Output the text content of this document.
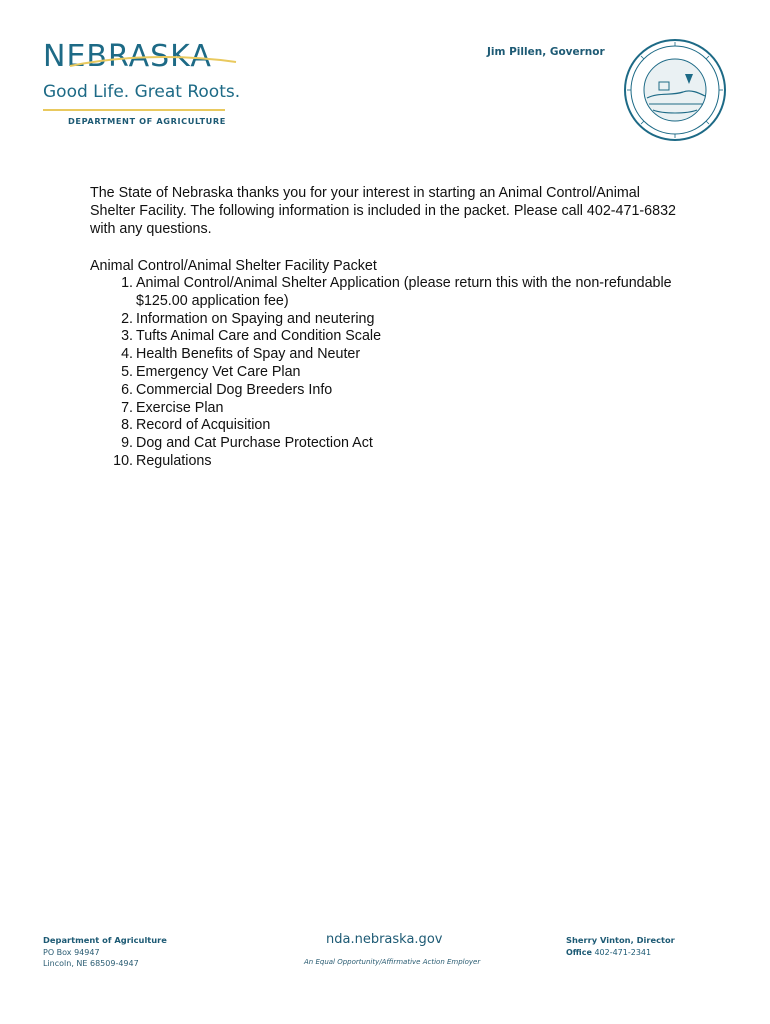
NEBRASKA
Good Life. Great Roots.
DEPARTMENT OF AGRICULTURE
Jim Pillen, Governor
The State of Nebraska thanks you for your interest in starting an Animal Control/Animal Shelter Facility. The following information is included in the packet. Please call 402-471-6832 with any questions.
Animal Control/Animal Shelter Facility Packet
1. Animal Control/Animal Shelter Application (please return this with the non-refundable $125.00 application fee)
2. Information on Spaying and neutering
3. Tufts Animal Care and Condition Scale
4. Health Benefits of Spay and Neuter
5. Emergency Vet Care Plan
6. Commercial Dog Breeders Info
7. Exercise Plan
8. Record of Acquisition
9. Dog and Cat Purchase Protection Act
10. Regulations
Department of Agriculture
PO Box 94947
Lincoln, NE 68509-4947
nda.nebraska.gov
An Equal Opportunity/Affirmative Action Employer
Sherry Vinton, Director
Office 402-471-2341
